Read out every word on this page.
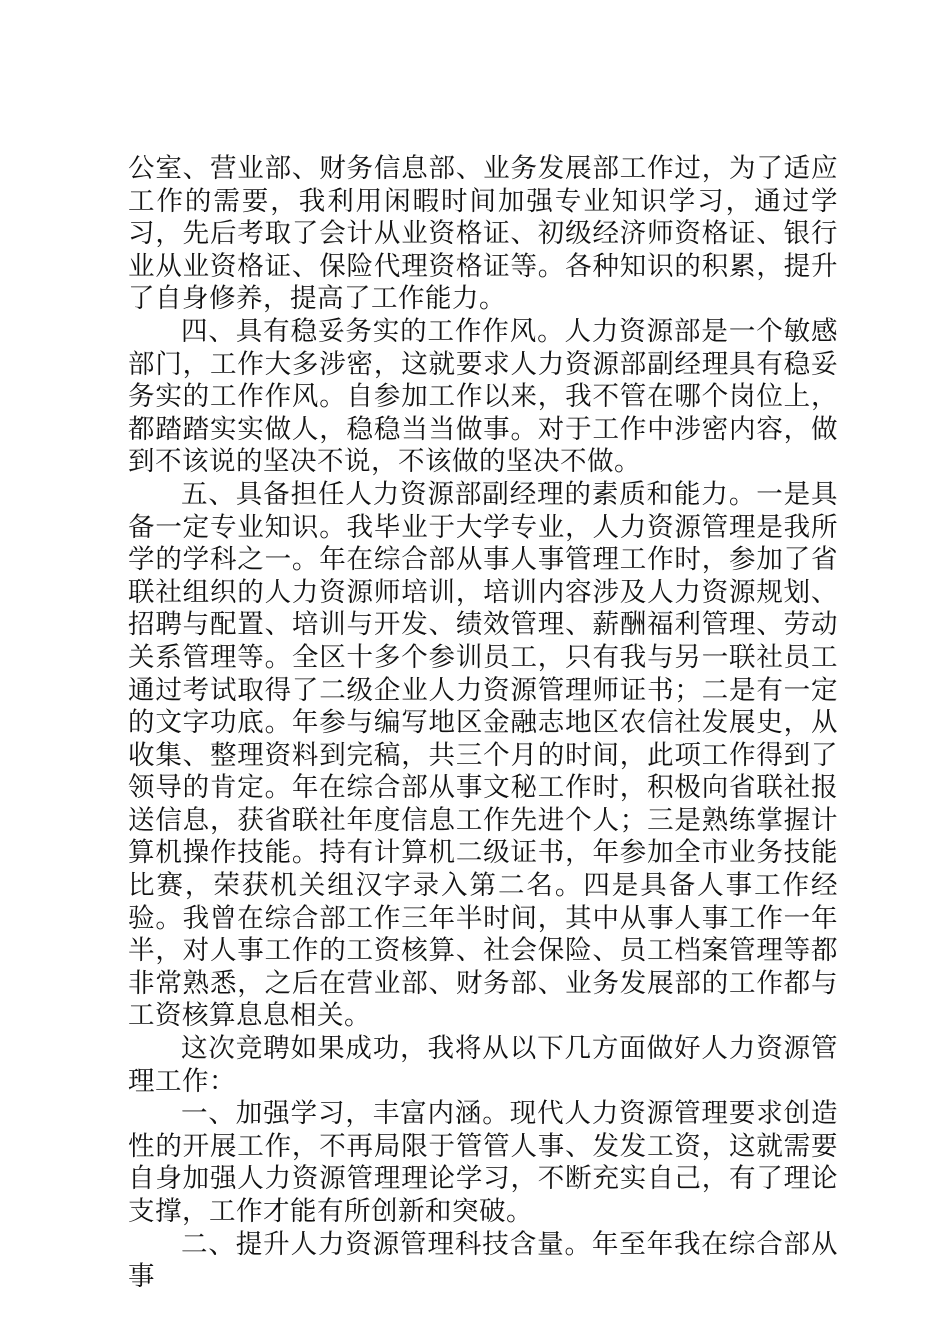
公室、营业部、财务信息部、业务发展部工作过，为了适应工作的需要，我利用闲暇时间加强专业知识学习，通过学习，先后考取了会计从业资格证、初级经济师资格证、银行业从业资格证、保险代理资格证等。各种知识的积累，提升了自身修养，提高了工作能力。

四、具有稳妥务实的工作作风。人力资源部是一个敏感部门，工作大多涉密，这就要求人力资源部副经理具有稳妥务实的工作作风。自参加工作以来，我不管在哪个岗位上，都踏踏实实做人，稳稳当当做事。对于工作中涉密内容，做到不该说的坚决不说，不该做的坚决不做。

五、具备担任人力资源部副经理的素质和能力。一是具备一定专业知识。我毕业于大学专业，人力资源管理是我所学的学科之一。年在综合部从事人事管理工作时，参加了省联社组织的人力资源师培训，培训内容涉及人力资源规划、招聘与配置、培训与开发、绩效管理、薪酬福利管理、劳动关系管理等。全区十多个参训员工，只有我与另一联社员工通过考试取得了二级企业人力资源管理师证书；二是有一定的文字功底。年参与编写地区金融志地区农信社发展史，从收集、整理资料到完稿，共三个月的时间，此项工作得到了领导的肯定。年在综合部从事文秘工作时，积极向省联社报送信息，获省联社年度信息工作先进个人；三是熟练掌握计算机操作技能。持有计算机二级证书，年参加全市业务技能比赛，荣获机关组汉字录入第二名。四是具备人事工作经验。我曾在综合部工作三年半时间，其中从事人事工作一年半，对人事工作的工资核算、社会保险、员工档案管理等都非常熟悉，之后在营业部、财务部、业务发展部的工作都与工资核算息息相关。

这次竞聘如果成功，我将从以下几方面做好人力资源管理工作：

一、加强学习，丰富内涵。现代人力资源管理要求创造性的开展工作，不再局限于管管人事、发发工资，这就需要自身加强人力资源管理理论学习，不断充实自己，有了理论支撑，工作才能有所创新和突破。

二、提升人力资源管理科技含量。年至年我在综合部从事
